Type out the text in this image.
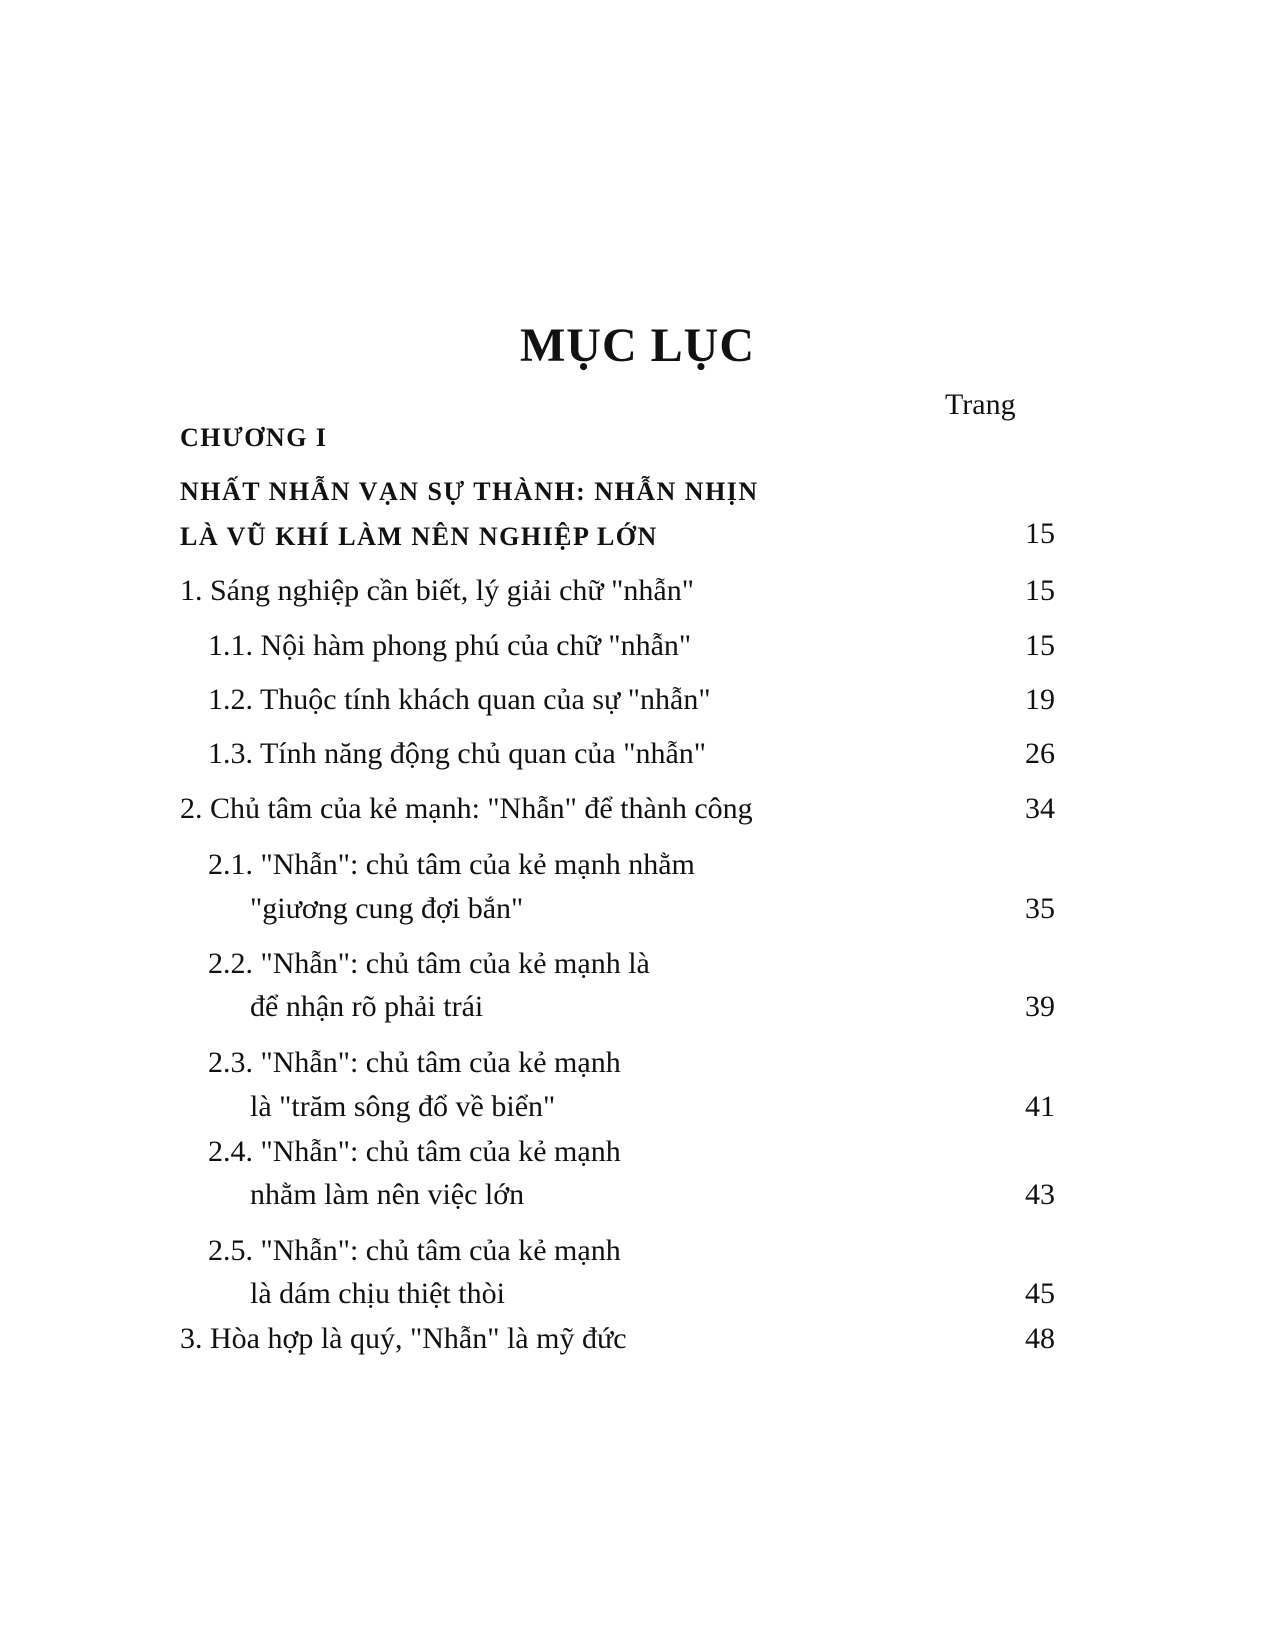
MỤC LỤC
Trang
CHƯƠNG I
NHẤT NHẪN VẠN SỰ THÀNH: NHẪN NHỊN
LÀ VŨ KHÍ LÀM NÊN NGHIỆP LỚN	15
1. Sáng nghiệp cần biết, lý giải chữ "nhẫn"	15
1.1. Nội hàm phong phú của chữ "nhẫn"	15
1.2. Thuộc tính khách quan của sự "nhẫn"	19
1.3. Tính năng động chủ quan của "nhẫn"	26
2. Chủ tâm của kẻ mạnh: "Nhẫn" để thành công	34
2.1. "Nhẫn": chủ tâm của kẻ mạnh nhằm
"giương cung đợi bắn"	35
2.2. "Nhẫn": chủ tâm của kẻ mạnh là
để nhận rõ phải trái	39
2.3. "Nhẫn": chủ tâm của kẻ mạnh
là "trăm sông đổ về biển"	41
2.4. "Nhẫn": chủ tâm của kẻ mạnh
nhằm làm nên việc lớn	43
2.5. "Nhẫn": chủ tâm của kẻ mạnh
là dám chịu thiệt thòi	45
3. Hòa hợp là quý, "Nhẫn" là mỹ đức	48
